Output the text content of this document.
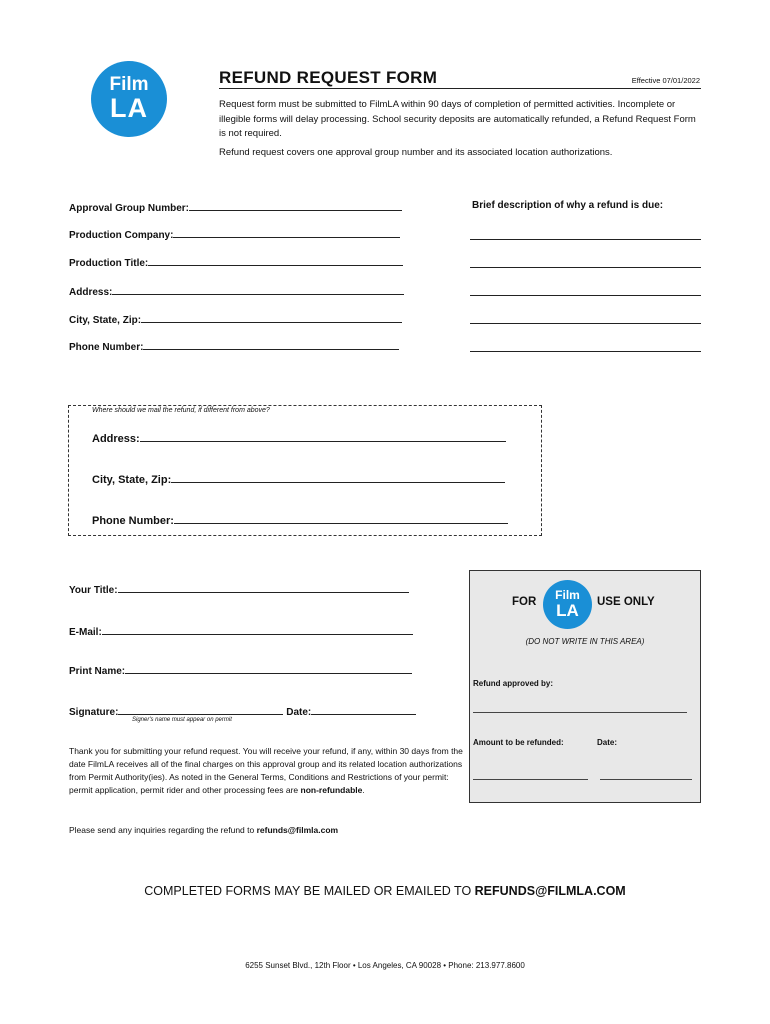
Film
LA
REFUND REQUEST FORM	Effective 07/01/2022
Request form must be submitted to FilmLA within 90 days of completion of permitted activities. Incomplete or illegible forms will delay processing. School security deposits are automatically refunded, a Refund Request Form is not required.
Refund request covers one approval group number and its associated location authorizations.
Approval Group Number:
Production Company:
Production Title:
Address:
City, State, Zip:
Phone Number:
Brief description of why a refund is due:
Where should we mail the refund, if different from above?
Address:
City, State, Zip:
Phone Number:
Your Title:
E-Mail:
Print Name:
Signature:	Date:
Signer's name must appear on permit
FOR	Film
LA	USE ONLY
(DO NOT WRITE IN THIS AREA)
Refund approved by:
Amount to be refunded:	Date:
Thank you for submitting your refund request. You will receive your refund, if any, within 30 days from the date FilmLA receives all of the final charges on this approval group and its related location authorizations from Permit Authority(ies). As noted in the General Terms, Conditions and Restrictions of your permit: permit application, permit rider and other processing fees are non-refundable.
Please send any inquiries regarding the refund to refunds@filmla.com
COMPLETED FORMS MAY BE MAILED OR EMAILED TO REFUNDS@FILMLA.COM
6255 Sunset Blvd., 12th Floor • Los Angeles, CA 90028 • Phone: 213.977.8600
